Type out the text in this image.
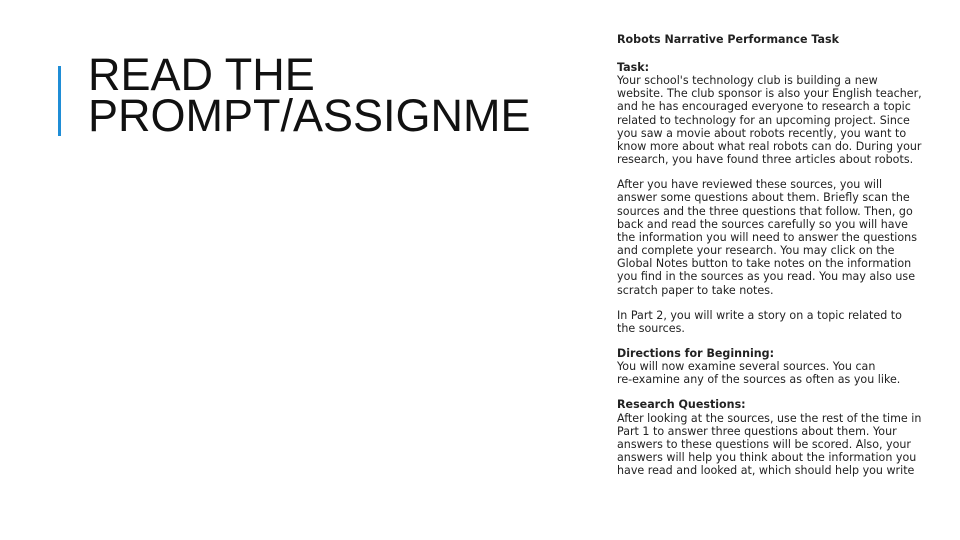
READ THE
PROMPT/ASSIGNME
Robots Narrative Performance Task
Task:
Your school's technology club is building a new
website. The club sponsor is also your English teacher,
and he has encouraged everyone to research a topic
related to technology for an upcoming project. Since
you saw a movie about robots recently, you want to
know more about what real robots can do. During your
research, you have found three articles about robots.
After you have reviewed these sources, you will
answer some questions about them. Briefly scan the
sources and the three questions that follow. Then, go
back and read the sources carefully so you will have
the information you will need to answer the questions
and complete your research. You may click on the
Global Notes button to take notes on the information
you find in the sources as you read. You may also use
scratch paper to take notes.
In Part 2, you will write a story on a topic related to
the sources.
Directions for Beginning:
You will now examine several sources. You can
re-examine any of the sources as often as you like.
Research Questions:
After looking at the sources, use the rest of the time in
Part 1 to answer three questions about them. Your
answers to these questions will be scored. Also, your
answers will help you think about the information you
have read and looked at, which should help you write
